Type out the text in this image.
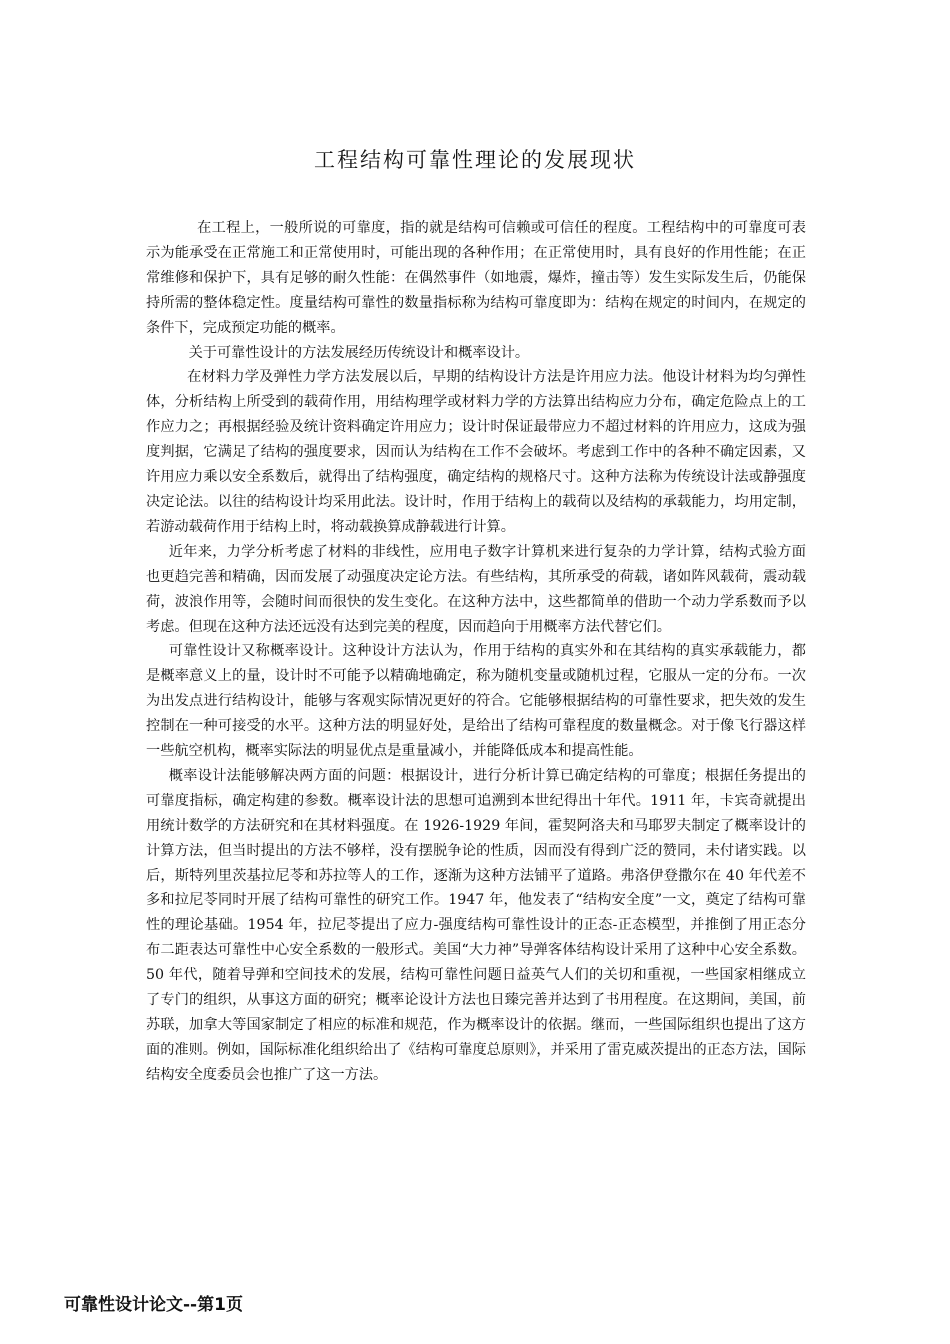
工程结构可靠性理论的发展现状

在工程上，一般所说的可靠度，指的就是结构可信赖或可信任的程度。工程结构中的可靠度可表示为能承受在正常施工和正常使用时，可能出现的各种作用；在正常使用时，具有良好的作用性能；在正常维修和保护下，具有足够的耐久性能：在偶然事件（如地震，爆炸，撞击等）发生实际发生后，仍能保持所需的整体稳定性。度量结构可靠性的数量指标称为结构可靠度即为：结构在规定的时间内，在规定的条件下，完成预定功能的概率。

关于可靠性设计的方法发展经历传统设计和概率设计。

在材料力学及弹性力学方法发展以后，早期的结构设计方法是许用应力法。他设计材料为均匀弹性体，分析结构上所受到的载荷作用，用结构理学或材料力学的方法算出结构应力分布，确定危险点上的工作应力之；再根据经验及统计资料确定许用应力；设计时保证最带应力不超过材料的许用应力，这成为强度判据，它满足了结构的强度要求，因而认为结构在工作不会破坏。考虑到工作中的各种不确定因素，又许用应力乘以安全系数后，就得出了结构强度，确定结构的规格尺寸。这种方法称为传统设计法或静强度决定论法。以往的结构设计均采用此法。设计时，作用于结构上的载荷以及结构的承载能力，均用定制，若游动载荷作用于结构上时，将动载换算成静载进行计算。

近年来，力学分析考虑了材料的非线性，应用电子数字计算机来进行复杂的力学计算，结构式验方面也更趋完善和精确，因而发展了动强度决定论方法。有些结构，其所承受的荷载，诸如阵风载荷，震动载荷，波浪作用等，会随时间而很快的发生变化。在这种方法中，这些都简单的借助一个动力学系数而予以考虑。但现在这种方法还远没有达到完美的程度，因而趋向于用概率方法代替它们。

可靠性设计又称概率设计。这种设计方法认为，作用于结构的真实外和在其结构的真实承载能力，都是概率意义上的量，设计时不可能予以精确地确定，称为随机变量或随机过程，它服从一定的分布。一次为出发点进行结构设计，能够与客观实际情况更好的符合。它能够根据结构的可靠性要求，把失效的发生控制在一种可接受的水平。这种方法的明显好处，是给出了结构可靠程度的数量概念。对于像飞行器这样一些航空机构，概率实际法的明显优点是重量减小，并能降低成本和提高性能。

概率设计法能够解决两方面的问题：根据设计，进行分析计算已确定结构的可靠度；根据任务提出的可靠度指标，确定构建的参数。概率设计法的思想可追溯到本世纪得出十年代。1911 年，卡宾奇就提出用统计数学的方法研究和在其材料强度。在 1926-1929 年间，霍契阿洛夫和马耶罗夫制定了概率设计的计算方法，但当时提出的方法不够样，没有摆脱争论的性质，因而没有得到广泛的赞同，未付诸实践。以后，斯特列里茨基拉尼苓和苏拉等人的工作，逐渐为这种方法铺平了道路。弗洛伊登撒尔在 40 年代差不多和拉尼苓同时开展了结构可靠性的研究工作。1947 年，他发表了“结构安全度”一文，奠定了结构可靠性的理论基础。1954 年，拉尼苓提出了应力-强度结构可靠性设计的正态-正态模型，并推倒了用正态分布二距表达可靠性中心安全系数的一般形式。美国“大力神”导弹客体结构设计采用了这种中心安全系数。50 年代，随着导弹和空间技术的发展，结构可靠性问题日益英气人们的关切和重视，一些国家相继成立了专门的组织，从事这方面的研究；概率论设计方法也日臻完善并达到了书用程度。在这期间，美国，前苏联，加拿大等国家制定了相应的标准和规范，作为概率设计的依据。继而，一些国际组织也提出了这方面的准则。例如，国际标准化组织给出了《结构可靠度总原则》，并采用了雷克威茨提出的正态方法，国际结构安全度委员会也推广了这一方法。

可靠性设计论文--第1页
